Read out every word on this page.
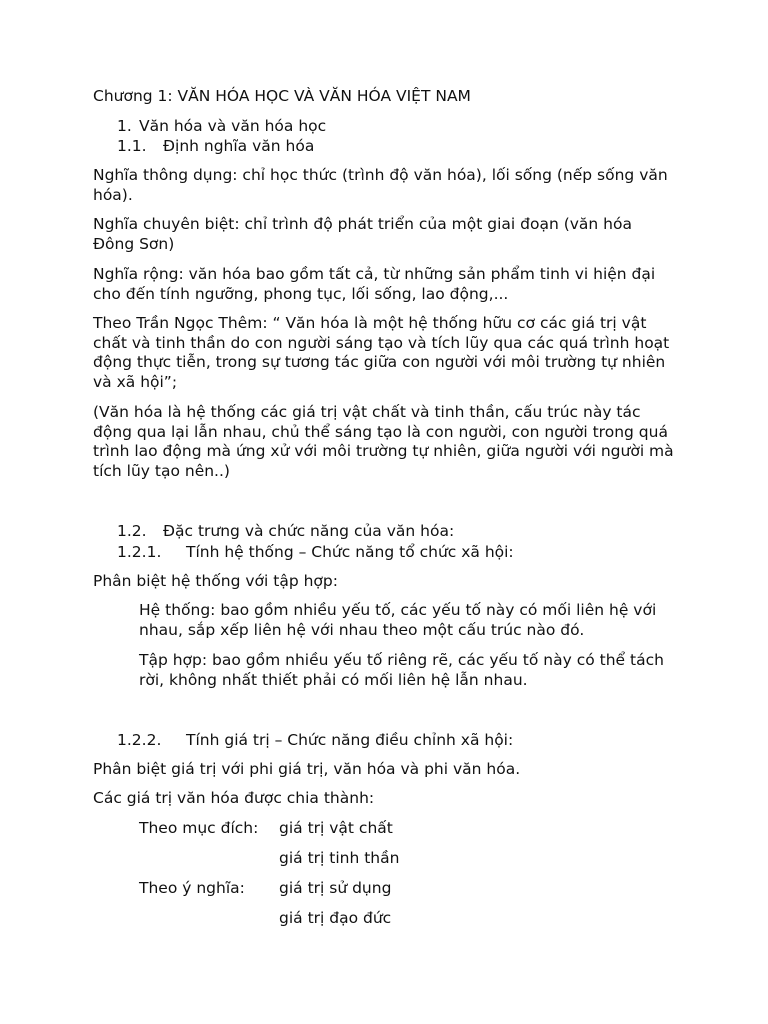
Chương 1: VĂN HÓA HỌC VÀ VĂN HÓA VIỆT NAM
1. Văn hóa và văn hóa học
1.1. Định nghĩa văn hóa
Nghĩa thông dụng: chỉ học thức (trình độ văn hóa), lối sống (nếp sống văn hóa).
Nghĩa chuyên biệt: chỉ trình độ phát triển của một giai đoạn (văn hóa Đông Sơn)
Nghĩa rộng: văn hóa bao gồm tất cả, từ những sản phẩm tinh vi hiện đại cho đến tính ngưỡng, phong tục, lối sống, lao động,...
Theo Trần Ngọc Thêm: “ Văn hóa là một hệ thống hữu cơ các giá trị vật chất và tinh thần do con người sáng tạo và tích lũy qua các quá trình hoạt động thực tiễn, trong sự tương tác giữa con người với môi trường tự nhiên và xã hội”;
(Văn hóa là hệ thống các giá trị vật chất và tinh thần, cấu trúc này tác động qua lại lẫn nhau, chủ thể sáng tạo là con người, con người trong quá trình lao động mà ứng xử với môi trường tự nhiên, giữa người với người mà tích lũy tạo nên..)
1.2. Đặc trưng và chức năng của văn hóa:
1.2.1. Tính hệ thống – Chức năng tổ chức xã hội:
Phân biệt hệ thống với tập hợp:
Hệ thống: bao gồm nhiều yếu tố, các yếu tố này có mối liên hệ với nhau, sắp xếp liên hệ với nhau theo một cấu trúc nào đó.
Tập hợp: bao gồm nhiều yếu tố riêng rẽ, các yếu tố này có thể tách rời, không nhất thiết phải có mối liên hệ lẫn nhau.
1.2.2. Tính giá trị – Chức năng điều chỉnh xã hội:
Phân biệt giá trị với phi giá trị, văn hóa và phi văn hóa.
Các giá trị văn hóa được chia thành:
Theo mục đích: giá trị vật chất
giá trị tinh thần
Theo ý nghĩa: giá trị sử dụng
giá trị đạo đức
